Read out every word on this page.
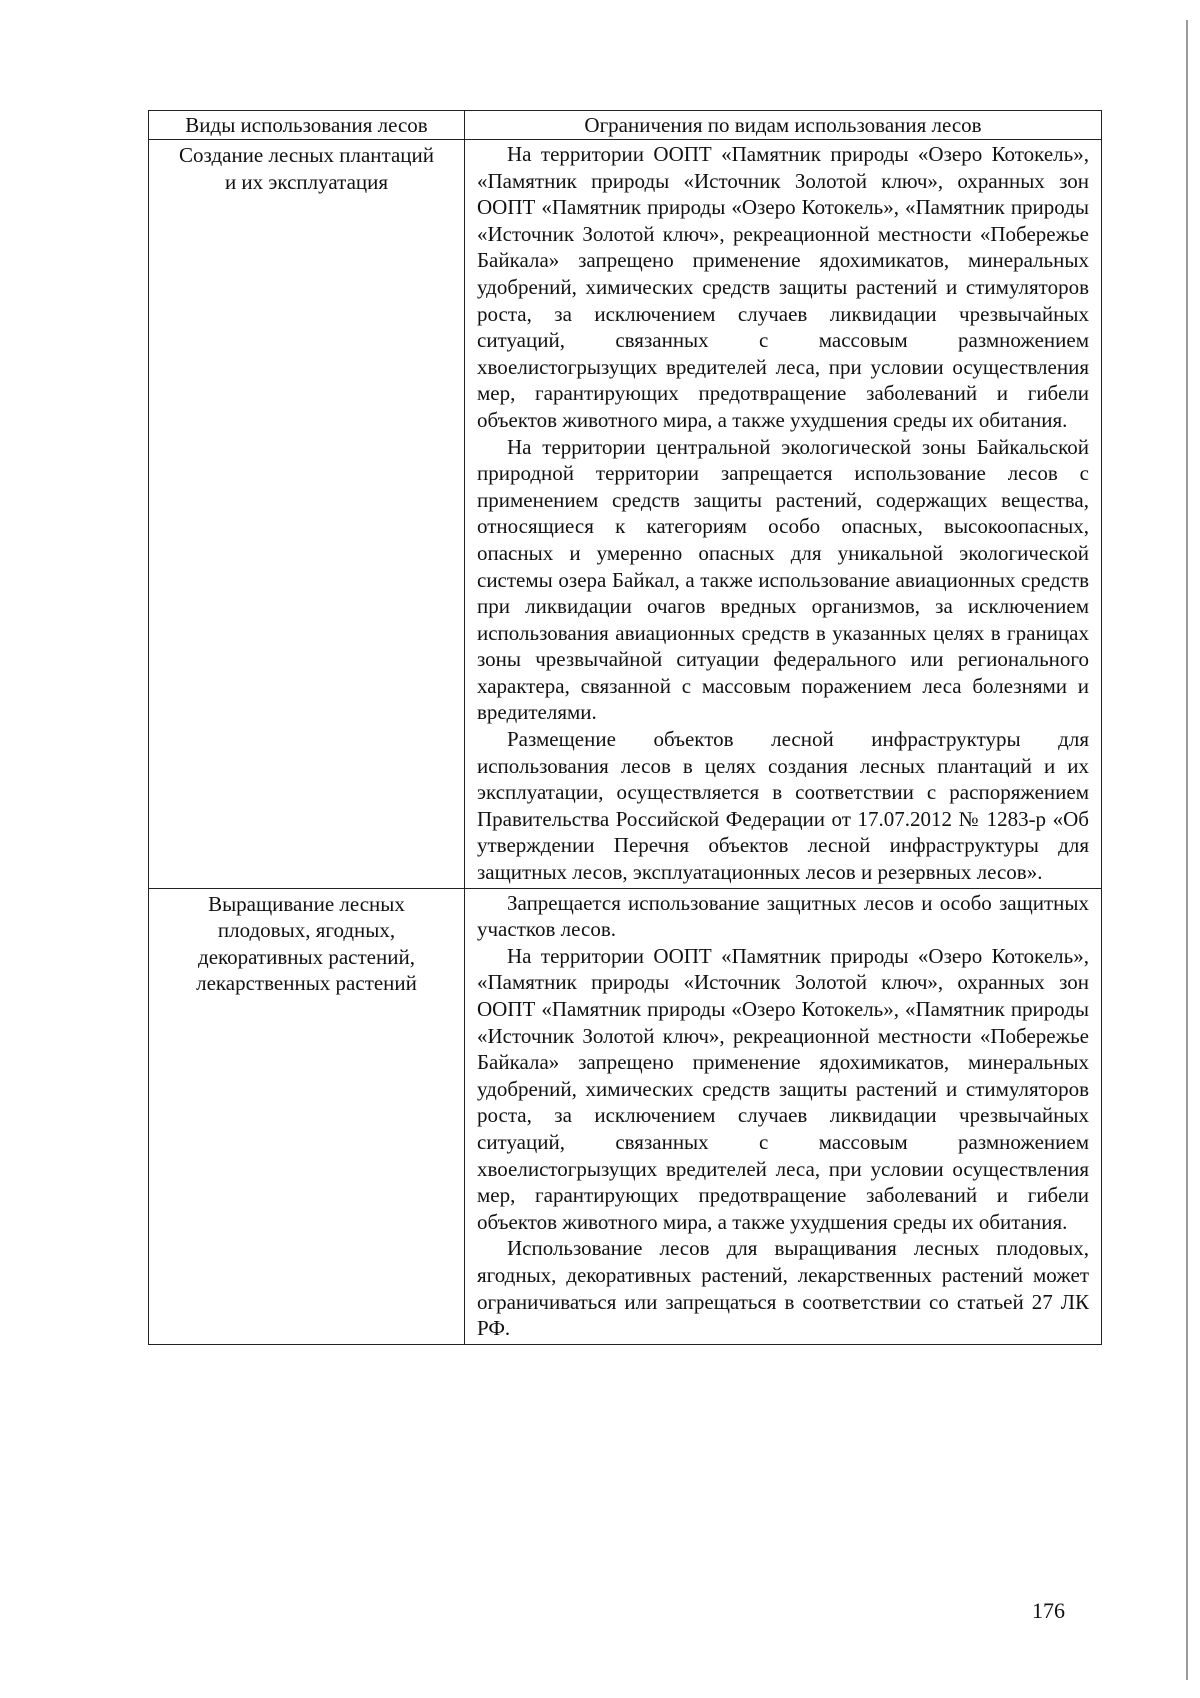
Виды использования лесов	Ограничения по видам использования лесов
Создание лесных плантаций и их эксплуатация	На территории ООПТ «Памятник природы «Озеро Котокель», «Памятник природы «Источник Золотой ключ», охранных зон ООПТ «Памятник природы «Озеро Котокель», «Памятник природы «Источник Золотой ключ», рекреационной местности «Побережье Байкала» запрещено применение ядохимикатов, минеральных удобрений, химических средств защиты растений и стимуляторов роста, за исключением случаев ликвидации чрезвычайных ситуаций, связанных с массовым размножением хвоелистогрызущих вредителей леса, при условии осуществления мер, гарантирующих предотвращение заболеваний и гибели объектов животного мира, а также ухудшения среды их обитания.

На территории центральной экологической зоны Байкальской природной территории запрещается использование лесов с применением средств защиты растений, содержащих вещества, относящиеся к категориям особо опасных, высокоопасных, опасных и умеренно опасных для уникальной экологической системы озера Байкал, а также использование авиационных средств при ликвидации очагов вредных организмов, за исключением использования авиационных средств в указанных целях в границах зоны чрезвычайной ситуации федерального или регионального характера, связанной с массовым поражением леса болезнями и вредителями.

Размещение объектов лесной инфраструктуры для использования лесов в целях создания лесных плантаций и их эксплуатации, осуществляется в соответствии с распоряжением Правительства Российской Федерации от 17.07.2012 № 1283-р «Об утверждении Перечня объектов лесной инфраструктуры для защитных лесов, эксплуатационных лесов и резервных лесов».

Выращивание лесных плодовых, ягодных, декоративных растений, лекарственных растений	Запрещается использование защитных лесов и особо защитных участков лесов.

На территории ООПТ «Памятник природы «Озеро Котокель», «Памятник природы «Источник Золотой ключ», охранных зон ООПТ «Памятник природы «Озеро Котокель», «Памятник природы «Источник Золотой ключ», рекреационной местности «Побережье Байкала» запрещено применение ядохимикатов, минеральных удобрений, химических средств защиты растений и стимуляторов роста, за исключением случаев ликвидации чрезвычайных ситуаций, связанных с массовым размножением хвоелистогрызущих вредителей леса, при условии осуществления мер, гарантирующих предотвращение заболеваний и гибели объектов животного мира, а также ухудшения среды их обитания.

Использование лесов для выращивания лесных плодовых, ягодных, декоративных растений, лекарственных растений может ограничиваться или запрещаться в соответствии со статьей 27 ЛК РФ.

176
